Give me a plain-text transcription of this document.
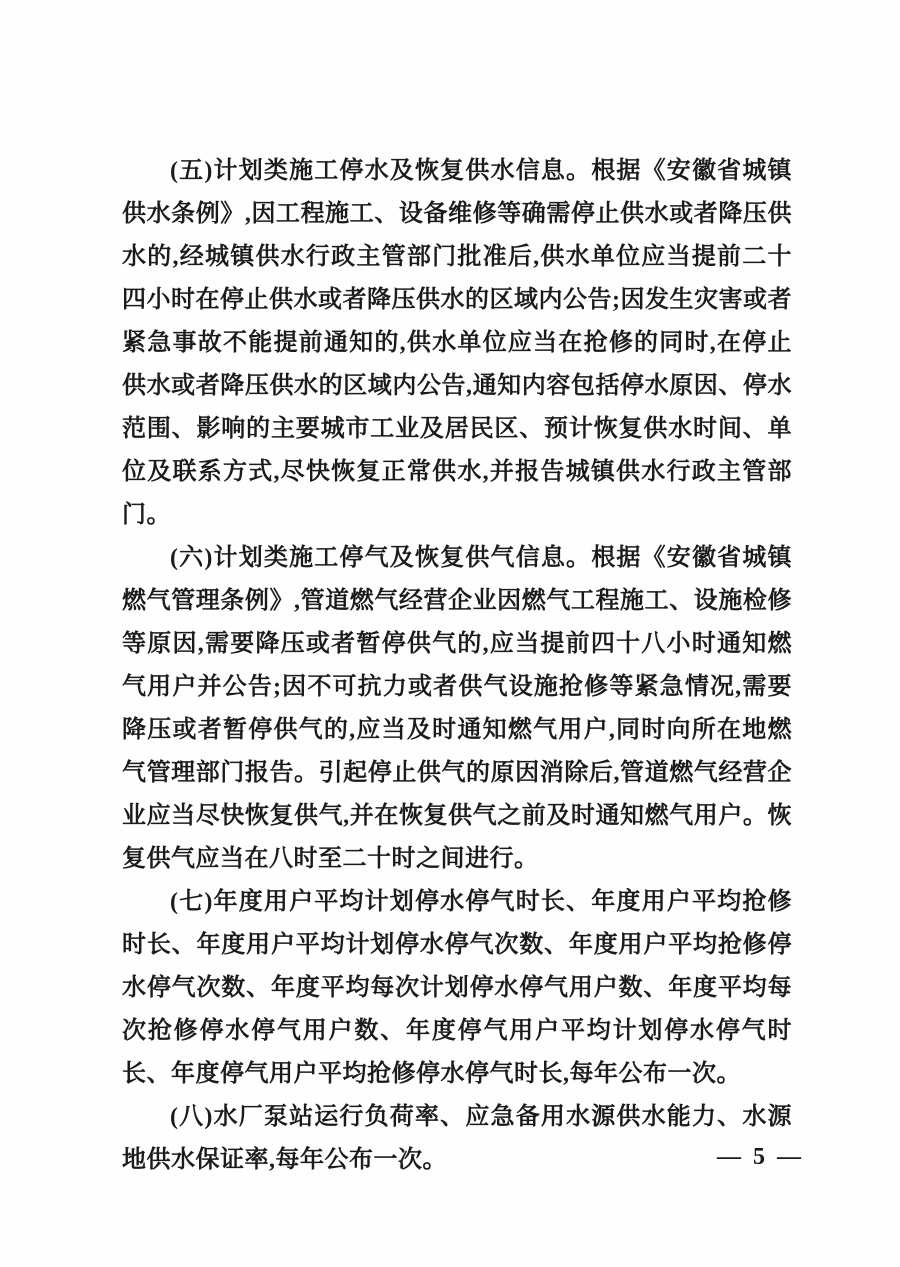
(五)计划类施工停水及恢复供水信息。根据《安徽省城镇供水条例》,因工程施工、设备维修等确需停止供水或者降压供水的,经城镇供水行政主管部门批准后,供水单位应当提前二十四小时在停止供水或者降压供水的区域内公告;因发生灾害或者紧急事故不能提前通知的,供水单位应当在抢修的同时,在停止供水或者降压供水的区域内公告,通知内容包括停水原因、停水范围、影响的主要城市工业及居民区、预计恢复供水时间、单位及联系方式,尽快恢复正常供水,并报告城镇供水行政主管部门。

(六)计划类施工停气及恢复供气信息。根据《安徽省城镇燃气管理条例》,管道燃气经营企业因燃气工程施工、设施检修等原因,需要降压或者暂停供气的,应当提前四十八小时通知燃气用户并公告;因不可抗力或者供气设施抢修等紧急情况,需要降压或者暂停供气的,应当及时通知燃气用户,同时向所在地燃气管理部门报告。引起停止供气的原因消除后,管道燃气经营企业应当尽快恢复供气,并在恢复供气之前及时通知燃气用户。恢复供气应当在八时至二十时之间进行。

(七)年度用户平均计划停水停气时长、年度用户平均抢修时长、年度用户平均计划停水停气次数、年度用户平均抢修停水停气次数、年度平均每次计划停水停气用户数、年度平均每次抢修停水停气用户数、年度停气用户平均计划停水停气时长、年度停气用户平均抢修停水停气时长,每年公布一次。

(八)水厂泵站运行负荷率、应急备用水源供水能力、水源地供水保证率,每年公布一次。	— 5 —
